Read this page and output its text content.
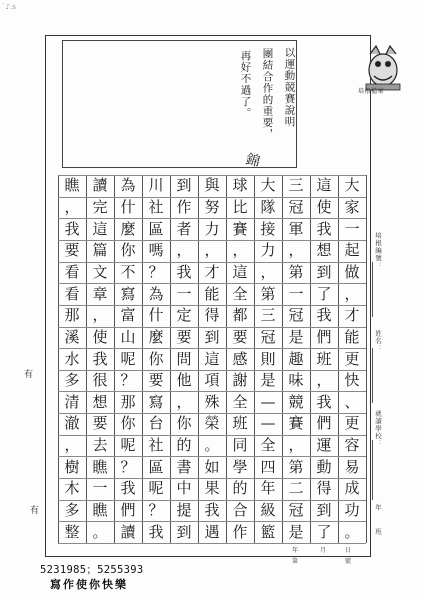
ﾞ♪.s
以運動競賽說明
團結合作的重要，
再好不過了。	培根檔案
錦
大
家
一
起
做
，
才
能
更
快
、
更
容
易
成
功
。
這
使
我
想
到
了
我
們
班
，
我
們
運
動
得
到
了
三
冠
軍
，
第
一
冠
是
趣
味
競
賽
，
第
二
冠
是
大
隊
接
力
，
第
三
冠
則
是
—
—
全
四
年
級
籃
球
比
賽
，
這
全
都
要
感
謝
全
班
同
學
的
合
作
與
努
力
，
才
能
得
到
這
項
殊
榮
。
如
果
我
遇
到
作
者
，
我
一
定
要
問
他
，
你
的
書
中
提
到
川
社
區
嗎
？
為
什
麼
你
要
寫
台
社
區
呢
？
我
為
什
麼
你
不
寫
富
山
呢
？
那
你
呢
？
我
們
讀
讀
完
這
篇
文
章
，
使
我
很
想
要
去
瞧
一
瞧
。
瞧
，
我
要
看
看
那
溪
水
多
清
澈
，
樹
木
多
整
培根編號：
姓名：
就讀學校：
年
班
有
有
年	月	日
第	號
5231985；5255393
寫作使你快樂
